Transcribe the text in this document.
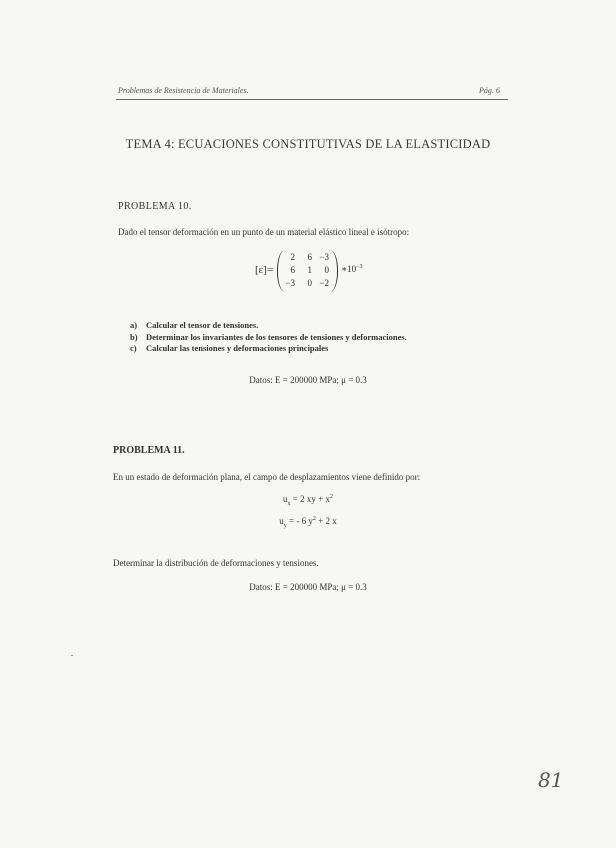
Problemas de Resistencia de Materiales.	Pág. 6
TEMA 4: ECUACIONES CONSTITUTIVAS DE LA ELASTICIDAD
PROBLEMA 10.
Dado el tensor deformación en un punto de un material elástico lineal e isótropo:
[ε]=
2	6 −3
6	1	0
−3	0 −2
$∗10^{-3}$
a) Calcular el tensor de tensiones.
b) Determinar los invariantes de los tensores de tensiones y deformaciones.
c) Calcular las tensiones y deformaciones principales
Datos: E = 200000 MPa; μ = 0.3
PROBLEMA 11.
En un estado de deformación plana, el campo de desplazamientos viene definido por:
$u_x = 2$ xy + $x^2$
$u_y$ = - 6 $y^2 + 2$ x
Determinar la distribución de deformaciones y tensiones.
Datos: E = 200000 MPa; μ = 0.3
81
